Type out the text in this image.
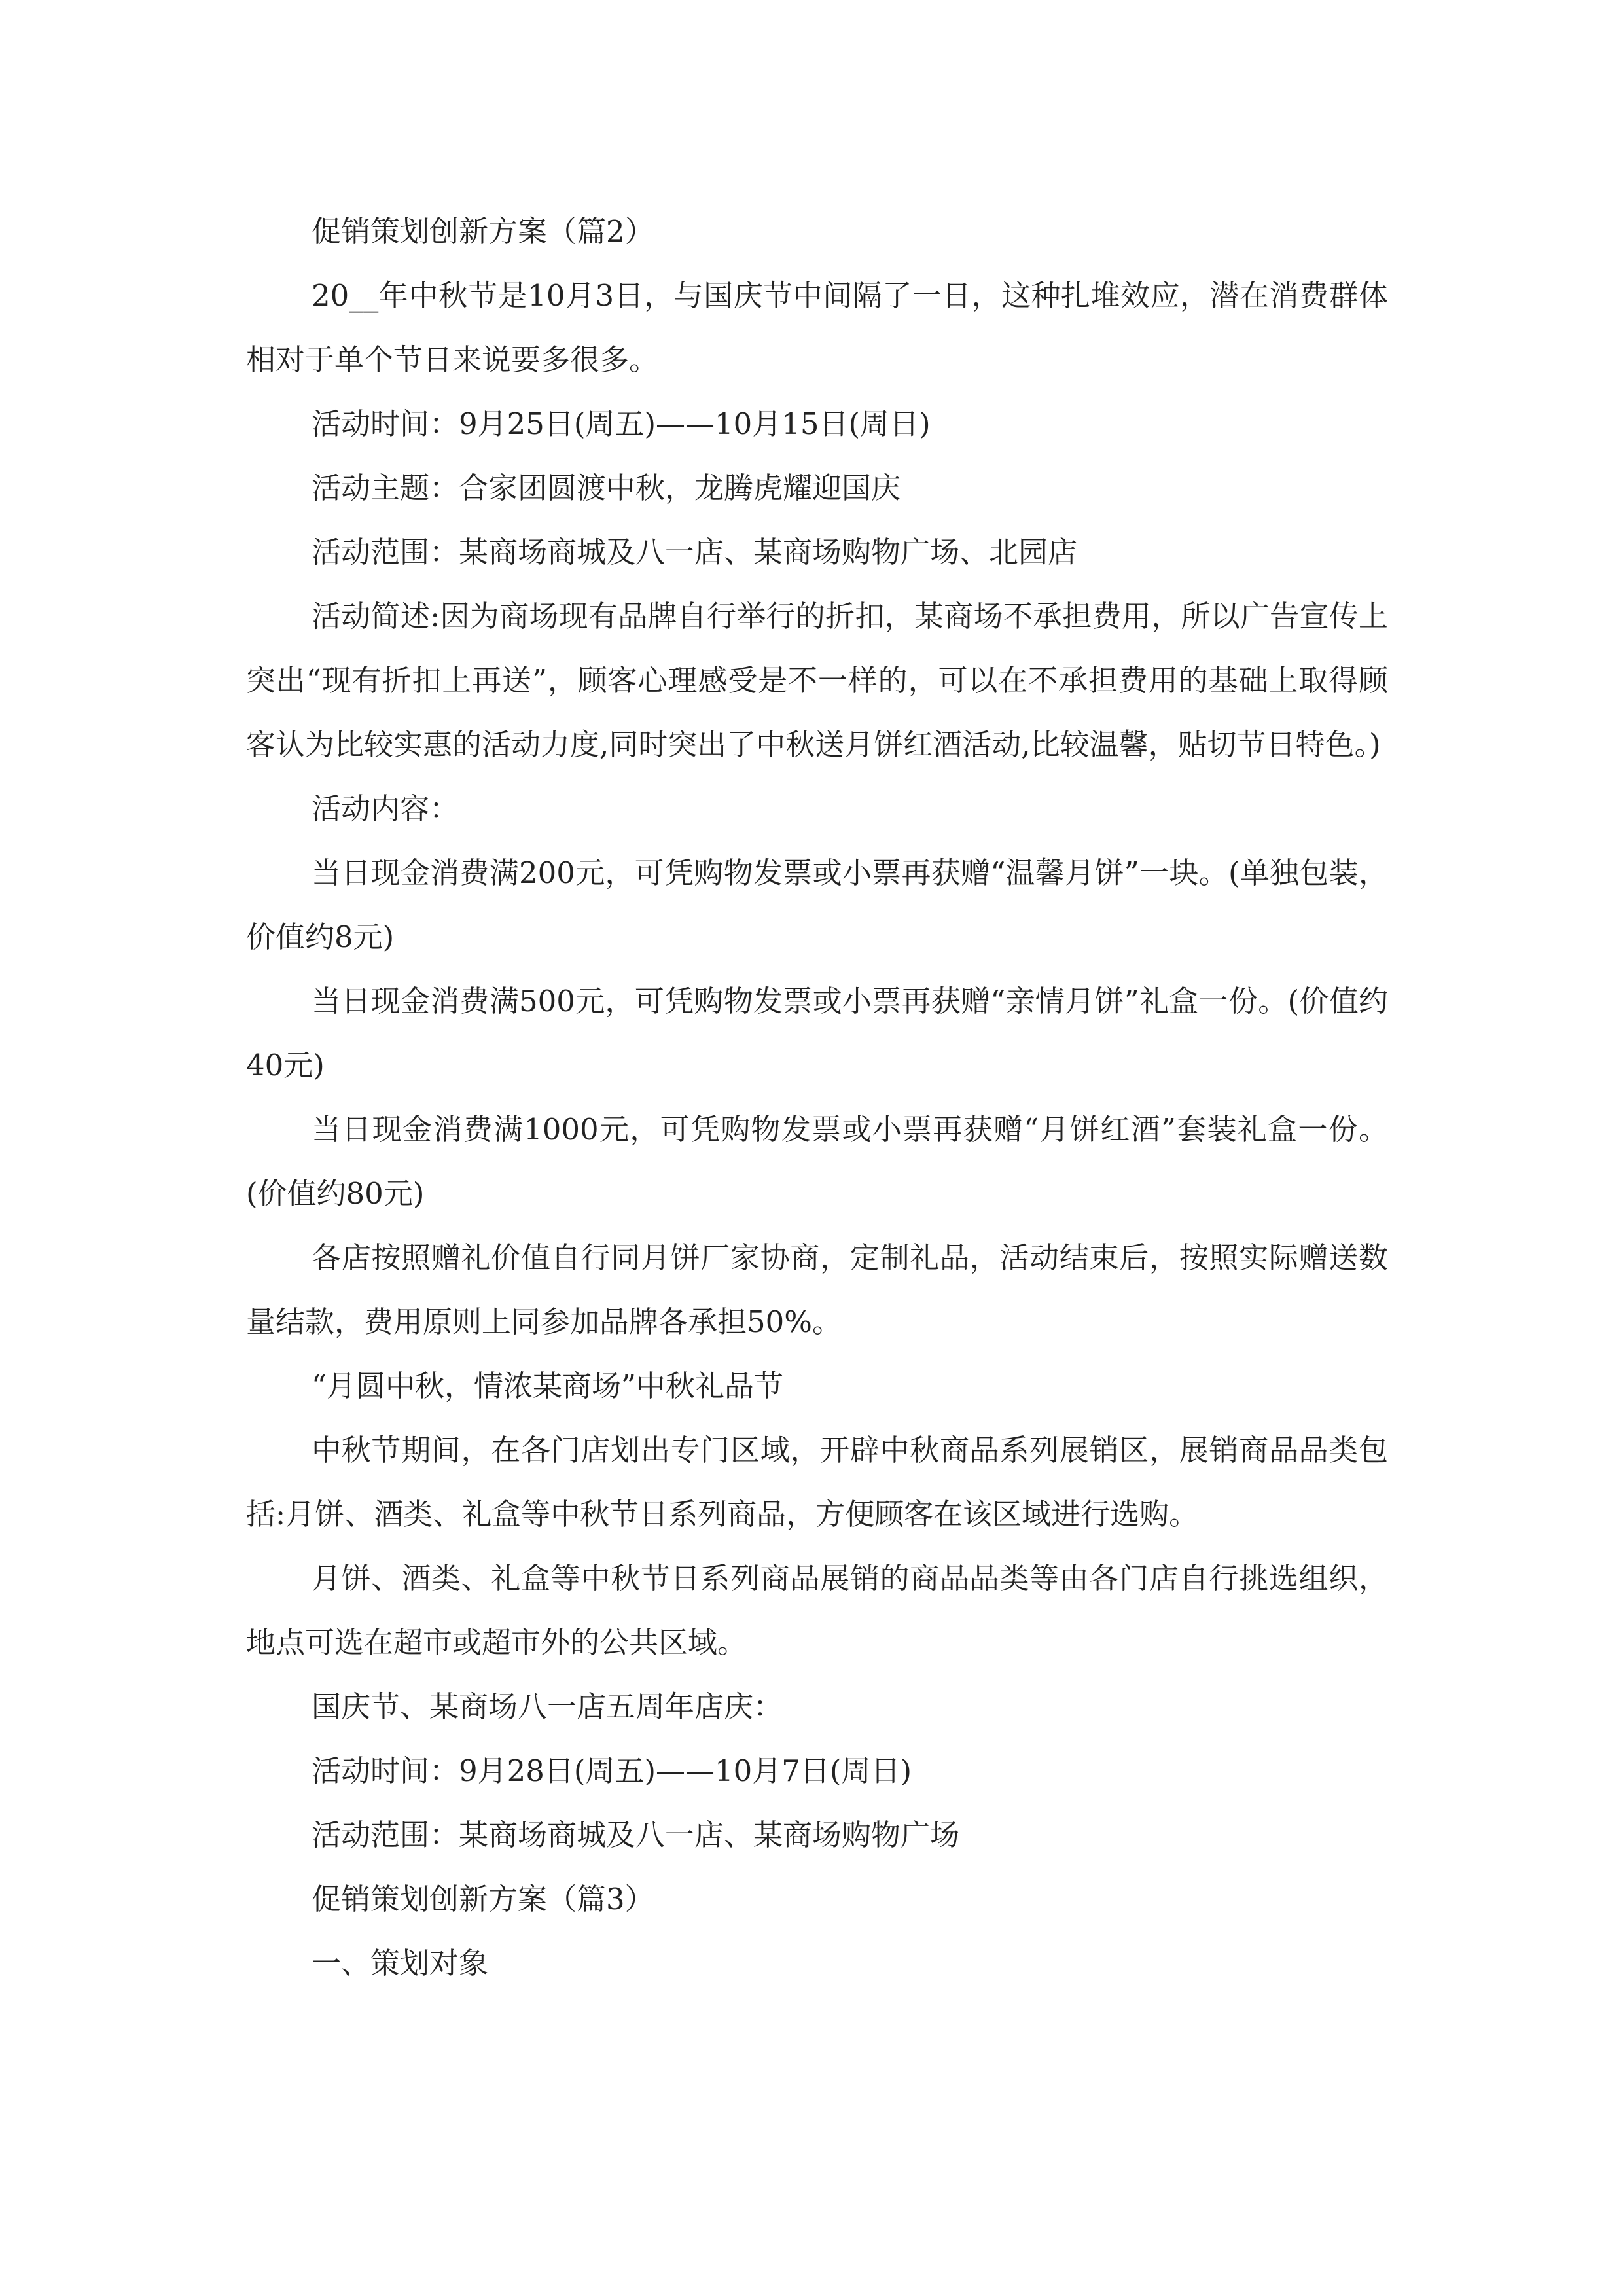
促销策划创新方案（篇2）

20__年中秋节是10月3日，与国庆节中间隔了一日，这种扎堆效应，潜在消费群体相对于单个节日来说要多很多。

活动时间：9月25日(周五)——10月15日(周日)

活动主题：合家团圆渡中秋，龙腾虎耀迎国庆

活动范围：某商场商城及八一店、某商场购物广场、北园店

活动简述:因为商场现有品牌自行举行的折扣，某商场不承担费用，所以广告宣传上突出“现有折扣上再送”，顾客心理感受是不一样的，可以在不承担费用的基础上取得顾客认为比较实惠的活动力度,同时突出了中秋送月饼红酒活动,比较温馨，贴切节日特色。)

活动内容：

当日现金消费满200元，可凭购物发票或小票再获赠“温馨月饼”一块。(单独包装，价值约8元)

当日现金消费满500元，可凭购物发票或小票再获赠“亲情月饼”礼盒一份。(价值约40元)

当日现金消费满1000元，可凭购物发票或小票再获赠“月饼红酒”套装礼盒一份。(价值约80元)

各店按照赠礼价值自行同月饼厂家协商，定制礼品，活动结束后，按照实际赠送数量结款，费用原则上同参加品牌各承担50%。

“月圆中秋，情浓某商场”中秋礼品节

中秋节期间，在各门店划出专门区域，开辟中秋商品系列展销区，展销商品品类包括:月饼、酒类、礼盒等中秋节日系列商品，方便顾客在该区域进行选购。

月饼、酒类、礼盒等中秋节日系列商品展销的商品品类等由各门店自行挑选组织，地点可选在超市或超市外的公共区域。

国庆节、某商场八一店五周年店庆：

活动时间：9月28日(周五)——10月7日(周日)

活动范围：某商场商城及八一店、某商场购物广场

促销策划创新方案（篇3）

一、策划对象
